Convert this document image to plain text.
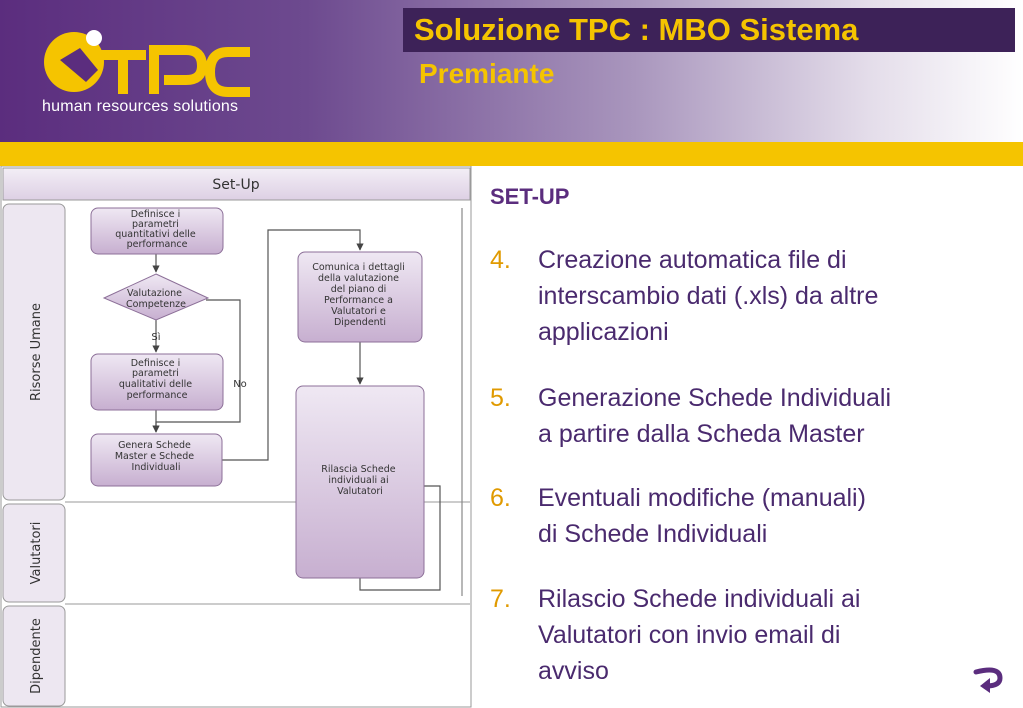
human resources solutions
Soluzione TPC : MBO Sistema
Premiante
Set-Up
Risorse Umane
Valutatori
Dipendente
Definisce i parametri quantitativi delle performance
Valutazione Competenze
Sì
No
Definisce i parametri qualitativi delle performance
Genera Schede Master e Schede Individuali
Comunica i dettagli della valutazione del piano di Performance a Valutatori e Dipendenti
Rilascia Schede individuali ai Valutatori
SET-UP
4.	Creazione automatica file di
interscambio dati (.xls) da altre
applicazioni
5.	Generazione Schede Individuali
a partire dalla Scheda Master
6.	Eventuali modifiche (manuali)
di Schede Individuali
7.	Rilascio Schede individuali ai
Valutatori con invio email di
avviso
